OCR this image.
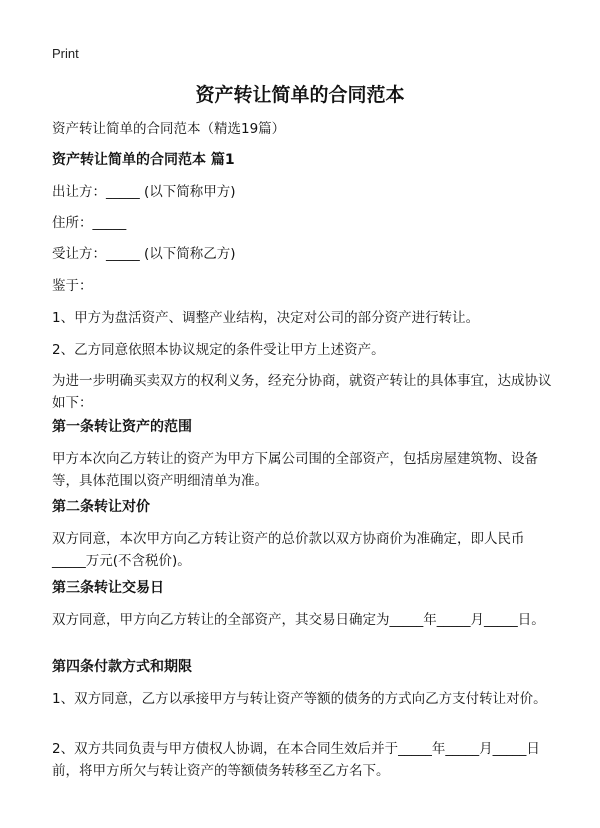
Print
资产转让简单的合同范本
资产转让简单的合同范本（精选19篇）
资产转让简单的合同范本 篇1
出让方：_____ (以下简称甲方)
住所：_____
受让方：_____ (以下简称乙方)
鉴于：
1、甲方为盘活资产、调整产业结构，决定对公司的部分资产进行转让。
2、乙方同意依照本协议规定的条件受让甲方上述资产。
为进一步明确买卖双方的权利义务，经充分协商，就资产转让的具体事宜，达成协议如下：
第一条转让资产的范围
甲方本次向乙方转让的资产为甲方下属公司围的全部资产，包括房屋建筑物、设备等，具体范围以资产明细清单为准。
第二条转让对价
双方同意，本次甲方向乙方转让资产的总价款以双方协商价为准确定，即人民币_____万元(不含税价)。
第三条转让交易日
双方同意，甲方向乙方转让的全部资产，其交易日确定为_____年_____月_____日。
第四条付款方式和期限
1、双方同意，乙方以承接甲方与转让资产等额的债务的方式向乙方支付转让对价。
2、双方共同负责与甲方债权人协调，在本合同生效后并于_____年_____月_____日前，将甲方所欠与转让资产的等额债务转移至乙方名下。
